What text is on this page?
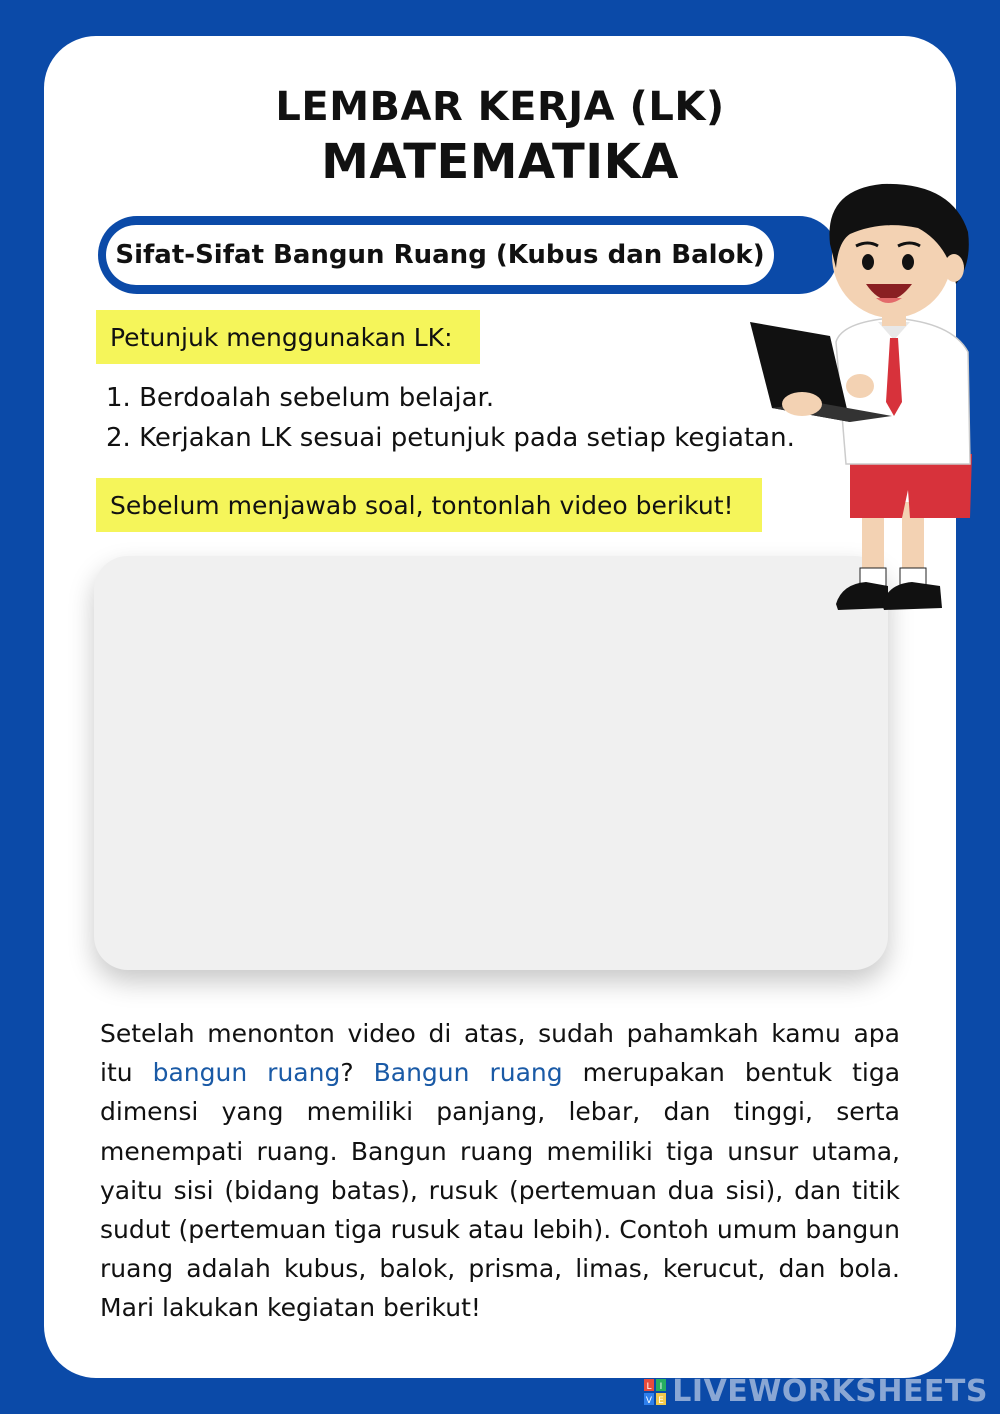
LEMBAR KERJA (LK)
MATEMATIKA
Sifat-Sifat Bangun Ruang (Kubus dan Balok)
Petunjuk menggunakan LK:
1. Berdoalah sebelum belajar.
2. Kerjakan LK sesuai petunjuk pada setiap kegiatan.
Sebelum menjawab soal, tontonlah video berikut!

Setelah menonton video di atas, sudah pahamkah kamu apa itu bangun ruang? Bangun ruang merupakan bentuk tiga dimensi yang memiliki panjang, lebar, dan tinggi, serta menempati ruang. Bangun ruang memiliki tiga unsur utama, yaitu sisi (bidang batas), rusuk (pertemuan dua sisi), dan titik sudut (pertemuan tiga rusuk atau lebih). Contoh umum bangun ruang adalah kubus, balok, prisma, limas, kerucut, dan bola. Mari lakukan kegiatan berikut!

L I
V E LIVEWORKSHEETS
